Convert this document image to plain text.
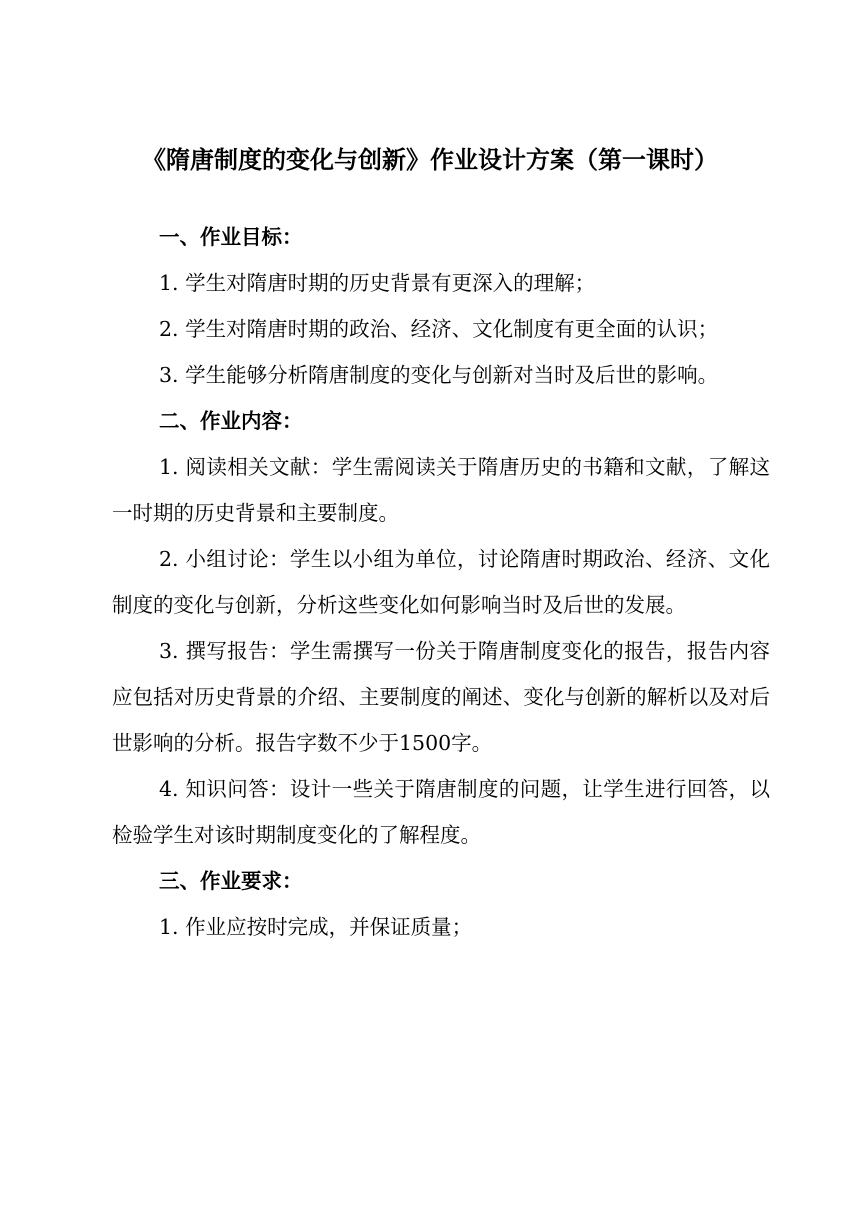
《隋唐制度的变化与创新》作业设计方案（第一课时）

一、作业目标：

1. 学生对隋唐时期的历史背景有更深入的理解；

2. 学生对隋唐时期的政治、经济、文化制度有更全面的认识；

3. 学生能够分析隋唐制度的变化与创新对当时及后世的影响。

二、作业内容：

1. 阅读相关文献：学生需阅读关于隋唐历史的书籍和文献，了解这一时期的历史背景和主要制度。

2. 小组讨论：学生以小组为单位，讨论隋唐时期政治、经济、文化制度的变化与创新，分析这些变化如何影响当时及后世的发展。

3. 撰写报告：学生需撰写一份关于隋唐制度变化的报告，报告内容应包括对历史背景的介绍、主要制度的阐述、变化与创新的解析以及对后世影响的分析。报告字数不少于1500字。

4. 知识问答：设计一些关于隋唐制度的问题，让学生进行回答，以检验学生对该时期制度变化的了解程度。

三、作业要求：

1. 作业应按时完成，并保证质量；
